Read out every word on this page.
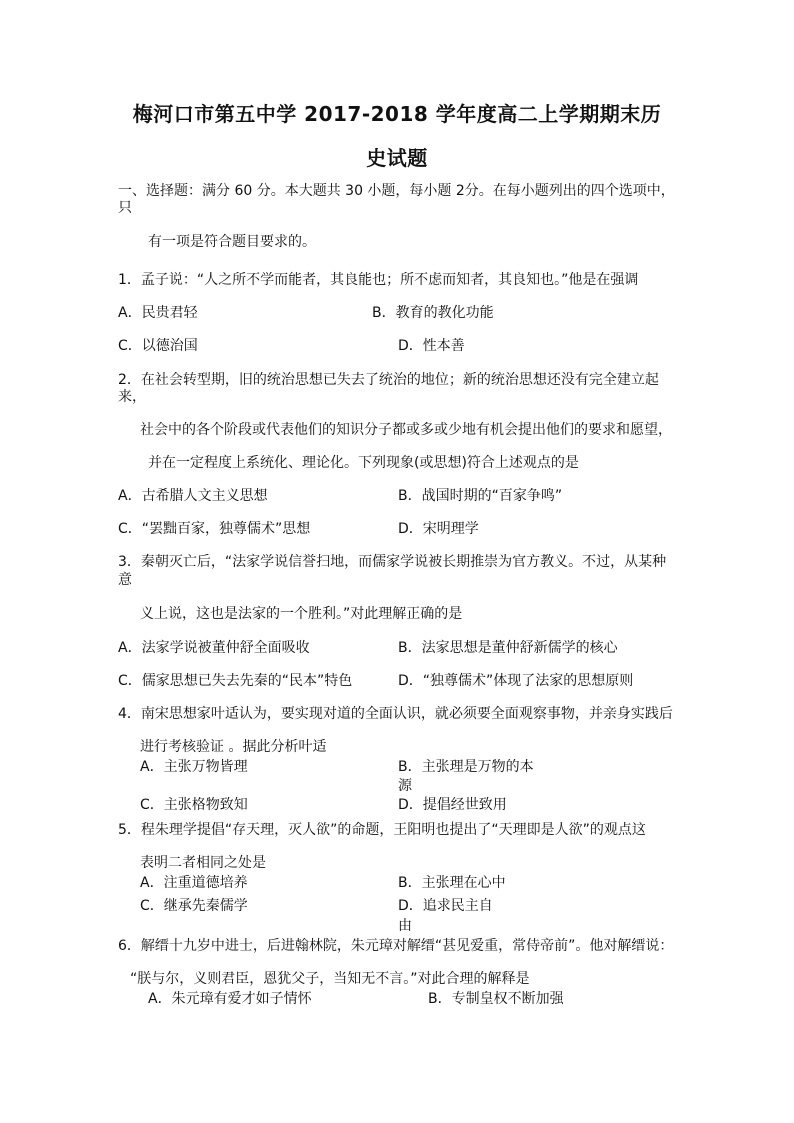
梅河口市第五中学 2017-2018 学年度高二上学期期末历
史试题
一、选择题：满分 60 分。本大题共 30 小题，每小题 2分。在每小题列出的四个选项中，
只
有一项是符合题目要求的。
1．孟子说：“人之所不学而能者，其良能也；所不虑而知者，其良知也。”他是在强调
A．民贵君轻	B．教育的教化功能
C．以德治国	D．性本善
2．在社会转型期，旧的统治思想已失去了统治的地位；新的统治思想还没有完全建立起
来，
社会中的各个阶段或代表他们的知识分子都或多或少地有机会提出他们的要求和愿望，
并在一定程度上系统化、理论化。下列现象(或思想)符合上述观点的是
A．古希腊人文主义思想	B．战国时期的“百家争鸣”
C．“罢黜百家，独尊儒术”思想	D．宋明理学
3．秦朝灭亡后，“法家学说信誉扫地，而儒家学说被长期推崇为官方教义。不过，从某种
意
义上说，这也是法家的一个胜利。”对此理解正确的是
A．法家学说被董仲舒全面吸收	B．法家思想是董仲舒新儒学的核心
C．儒家思想已失去先秦的“民本”特色	D．“独尊儒术”体现了法家的思想原则
4．南宋思想家叶适认为，要实现对道的全面认识，就必须要全面观察事物，并亲身实践后
进行考核验证 。据此分析叶适
A．主张万物皆理	B．主张理是万物的本
源
C．主张格物致知	D．提倡经世致用
5．程朱理学提倡“存天理，灭人欲”的命题，王阳明也提出了“天理即是人欲”的观点这
表明二者相同之处是
A．注重道德培养	B．主张理在心中
C．继承先秦儒学	D．追求民主自
由
6．解缙十九岁中进士，后进翰林院，朱元璋对解缙“甚见爱重，常侍帝前”。他对解缙说：
“朕与尔，义则君臣，恩犹父子，当知无不言。”对此合理的解释是
A．朱元璋有爱才如子情怀	B．专制皇权不断加强
